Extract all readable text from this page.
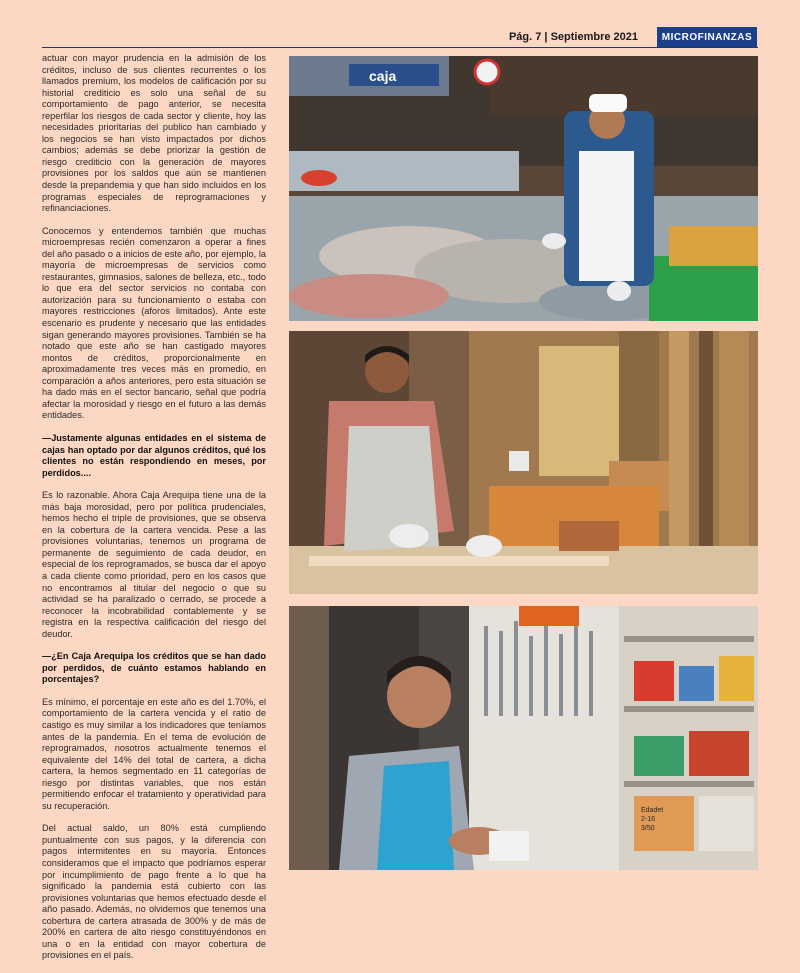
Pág. 7 | Septiembre 2021	MICROFINANZAS

actuar con mayor prudencia en la admisión de los créditos, incluso de sus clientes recurrentes o los llamados premium, los modelos de calificación por su historial crediticio es solo una señal de su comportamiento de pago anterior, se necesita reperfilar los riesgos de cada sector y cliente, hoy las necesidades prioritarias del publico han cambiado y los negocios se han visto impactados por dichos cambios; además se debe priorizar la gestión de riesgo crediticio con la generación de mayores provisiones por los saldos que aún se mantienen desde la prepandemia y que han sido incluidos en los programas especiales de reprogramaciones y refinanciaciones.

Conocemos y entendemos también que muchas microempresas recién comenzaron a operar a fines del año pasado o a inicios de este año, por ejemplo, la mayoría de microempresas de servicios como restaurantes, gimnasios, salones de belleza, etc., todo lo que era del sector servicios no contaba con autorización para su funcionamiento o estaba con mayores restricciones (aforos limitados). Ante este escenario es prudente y necesario que las entidades sigan generando mayores provisiones. También se ha notado que este año se han castigado mayores montos de créditos, proporcionalmente en aproximadamente tres veces más en promedio, en comparación a años anteriores, pero esta situación se ha dado más en el sector bancario, señal que podría afectar la morosidad y riesgo en el futuro a las demás entidades.

—Justamente algunas entidades en el sistema de cajas han optado por dar algunos créditos, qué los clientes no están respondiendo en meses, por perdidos....

Es lo razonable. Ahora Caja Arequipa tiene una de la más baja morosidad, pero por política prudenciales, hemos hecho el triple de provisiones, que se observa en la cobertura de la cartera vencida. Pese a las provisiones voluntarias, tenemos un programa de permanente de seguimiento de cada deudor, en especial de los reprogramados, se busca dar el apoyo a cada cliente como prioridad, pero en los casos que no encontramos al titular del negocio o que su actividad se ha paralizado o cerrado, se procede a reconocer la incobrabilidad contablemente y se registra en la respectiva calificación del riesgo del deudor.

—¿En Caja Arequipa los créditos que se han dado por perdidos, de cuánto estamos hablando en porcentajes?

Es mínimo, el porcentaje en este año es del 1.70%, el comportamiento de la cartera vencida y el ratio de castigo es muy similar a los indicadores que teníamos antes de la pandemia. En el tema de evolución de reprogramados, nosotros actualmente tenemos el equivalente del 14% del total de cartera, a dicha cartera, la hemos segmentado en 11 categorías de riesgo por distintas variables, que nos están permitiendo enfocar el tratamiento y operatividad para su recuperación.

Del actual saldo, un 80% está cumpliendo puntualmente con sus pagos, y la diferencia con pagos intermitentes en su mayoría. Entonces consideramos que el impacto que podríamos esperar por incumplimiento de pago frente a lo que ha significado la pandemia está cubierto con las provisiones voluntarias que hemos efectuado desde el año pasado. Además, no olvidemos que tenemos una cobertura de cartera atrasada de 300% y de más de 200% en cartera de alto riesgo constituyéndonos en una o en la entidad con mayor cobertura de provisiones en el país.

caja
Edadet 2-16 3/50
